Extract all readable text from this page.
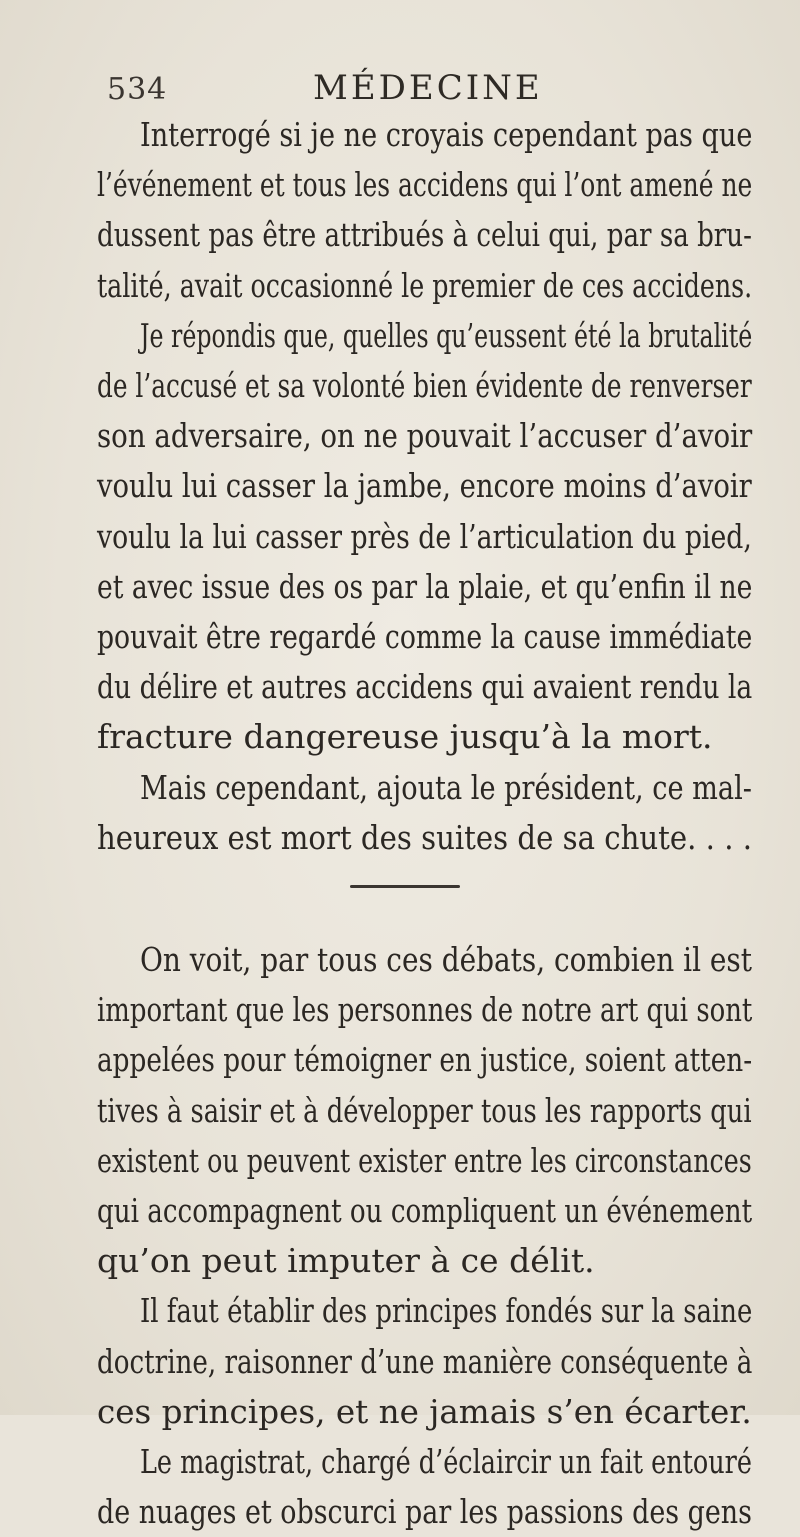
534	MÉDECINE
Interrogé si je ne croyais cependant pas que
l’événement et tous les accidens qui l’ont amené ne
dussent pas être attribués à celui qui, par sa bru-
talité, avait occasionné le premier de ces accidens.
Je répondis que, quelles qu’eussent été la brutalité
de l’accusé et sa volonté bien évidente de renverser
son adversaire, on ne pouvait l’accuser d’avoir
voulu lui casser la jambe, encore moins d’avoir
voulu la lui casser près de l’articulation du pied,
et avec issue des os par la plaie, et qu’enfin il ne
pouvait être regardé comme la cause immédiate
du délire et autres accidens qui avaient rendu la
fracture dangereuse jusqu’à la mort.
Mais cependant, ajouta le président, ce mal-
heureux est mort des suites de sa chute. . . .
On voit, par tous ces débats, combien il est
important que les personnes de notre art qui sont
appelées pour témoigner en justice, soient atten-
tives à saisir et à développer tous les rapports qui
existent ou peuvent exister entre les circonstances
qui accompagnent ou compliquent un événement
qu’on peut imputer à ce délit.
Il faut établir des principes fondés sur la saine
doctrine, raisonner d’une manière conséquente à
ces principes, et ne jamais s’en écarter.
Le magistrat, chargé d’éclaircir un fait entouré
de nuages et obscurci par les passions des gens
